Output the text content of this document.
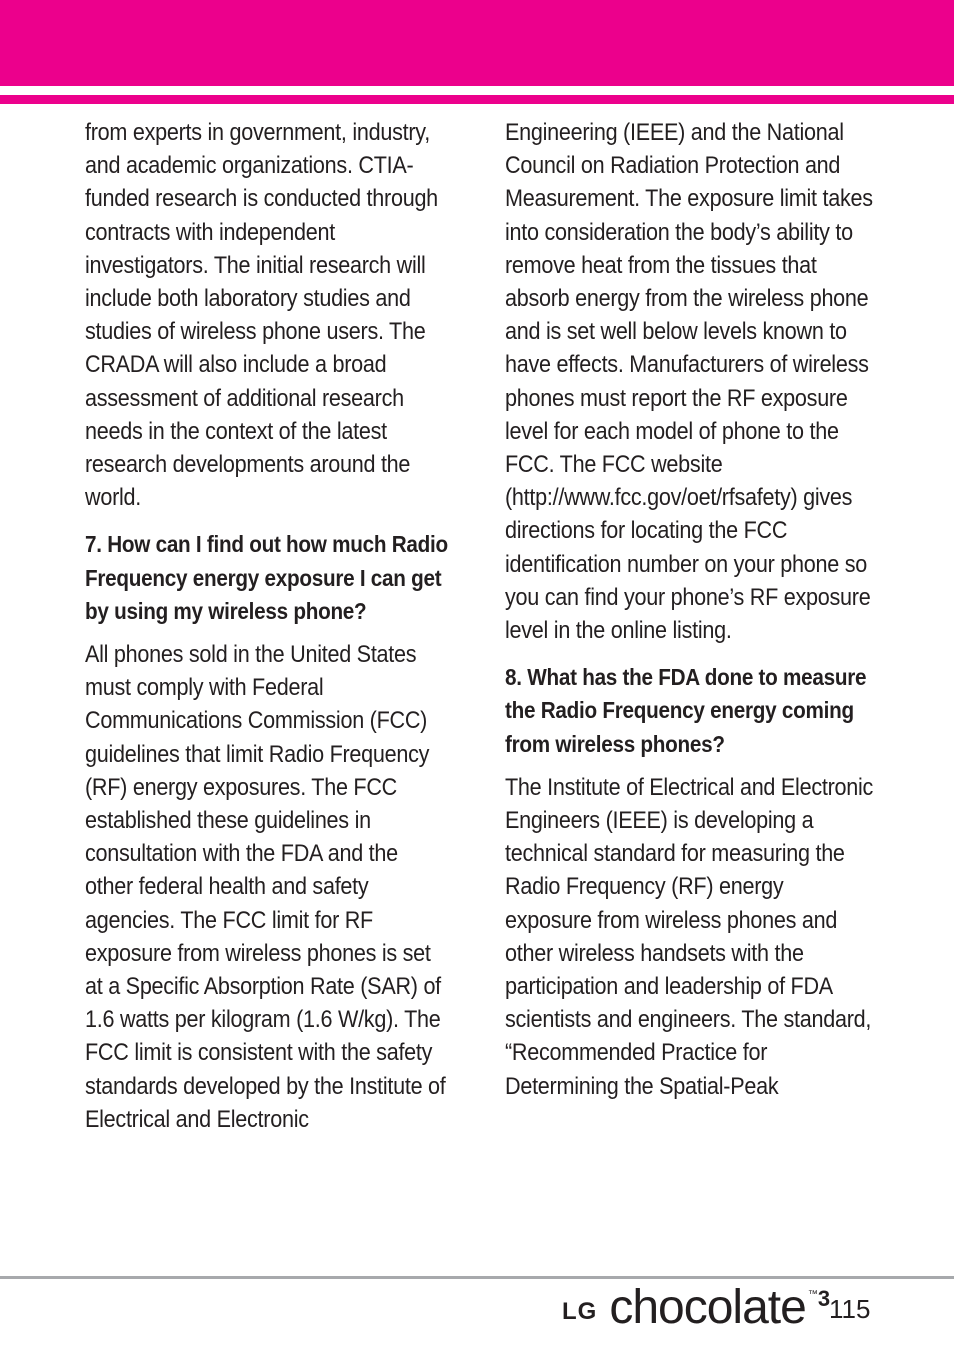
from experts in government, industry, and academic organizations. CTIA-funded research is conducted through contracts with independent investigators. The initial research will include both laboratory studies and studies of wireless phone users. The CRADA will also include a broad assessment of additional research needs in the context of the latest research developments around the world.

7. How can I find out how much Radio Frequency energy exposure I can get by using my wireless phone?

All phones sold in the United States must comply with Federal Communications Commission (FCC) guidelines that limit Radio Frequency (RF) energy exposures. The FCC established these guidelines in consultation with the FDA and the other federal health and safety agencies. The FCC limit for RF exposure from wireless phones is set at a Specific Absorption Rate (SAR) of 1.6 watts per kilogram (1.6 W/kg). The FCC limit is consistent with the safety standards developed by the Institute of Electrical and Electronic

Engineering (IEEE) and the National Council on Radiation Protection and Measurement. The exposure limit takes into consideration the body’s ability to remove heat from the tissues that absorb energy from the wireless phone and is set well below levels known to have effects. Manufacturers of wireless phones must report the RF exposure level for each model of phone to the FCC. The FCC website (http://www.fcc.gov/oet/rfsafety) gives directions for locating the FCC identification number on your phone so you can find your phone’s RF exposure level in the online listing.

8. What has the FDA done to measure the Radio Frequency energy coming from wireless phones?

The Institute of Electrical and Electronic Engineers (IEEE) is developing a technical standard for measuring the Radio Frequency (RF) energy exposure from wireless phones and other wireless handsets with the participation and leadership of FDA scientists and engineers. The standard, “Recommended Practice for Determining the Spatial-Peak

LG chocolate ™ 3
115
